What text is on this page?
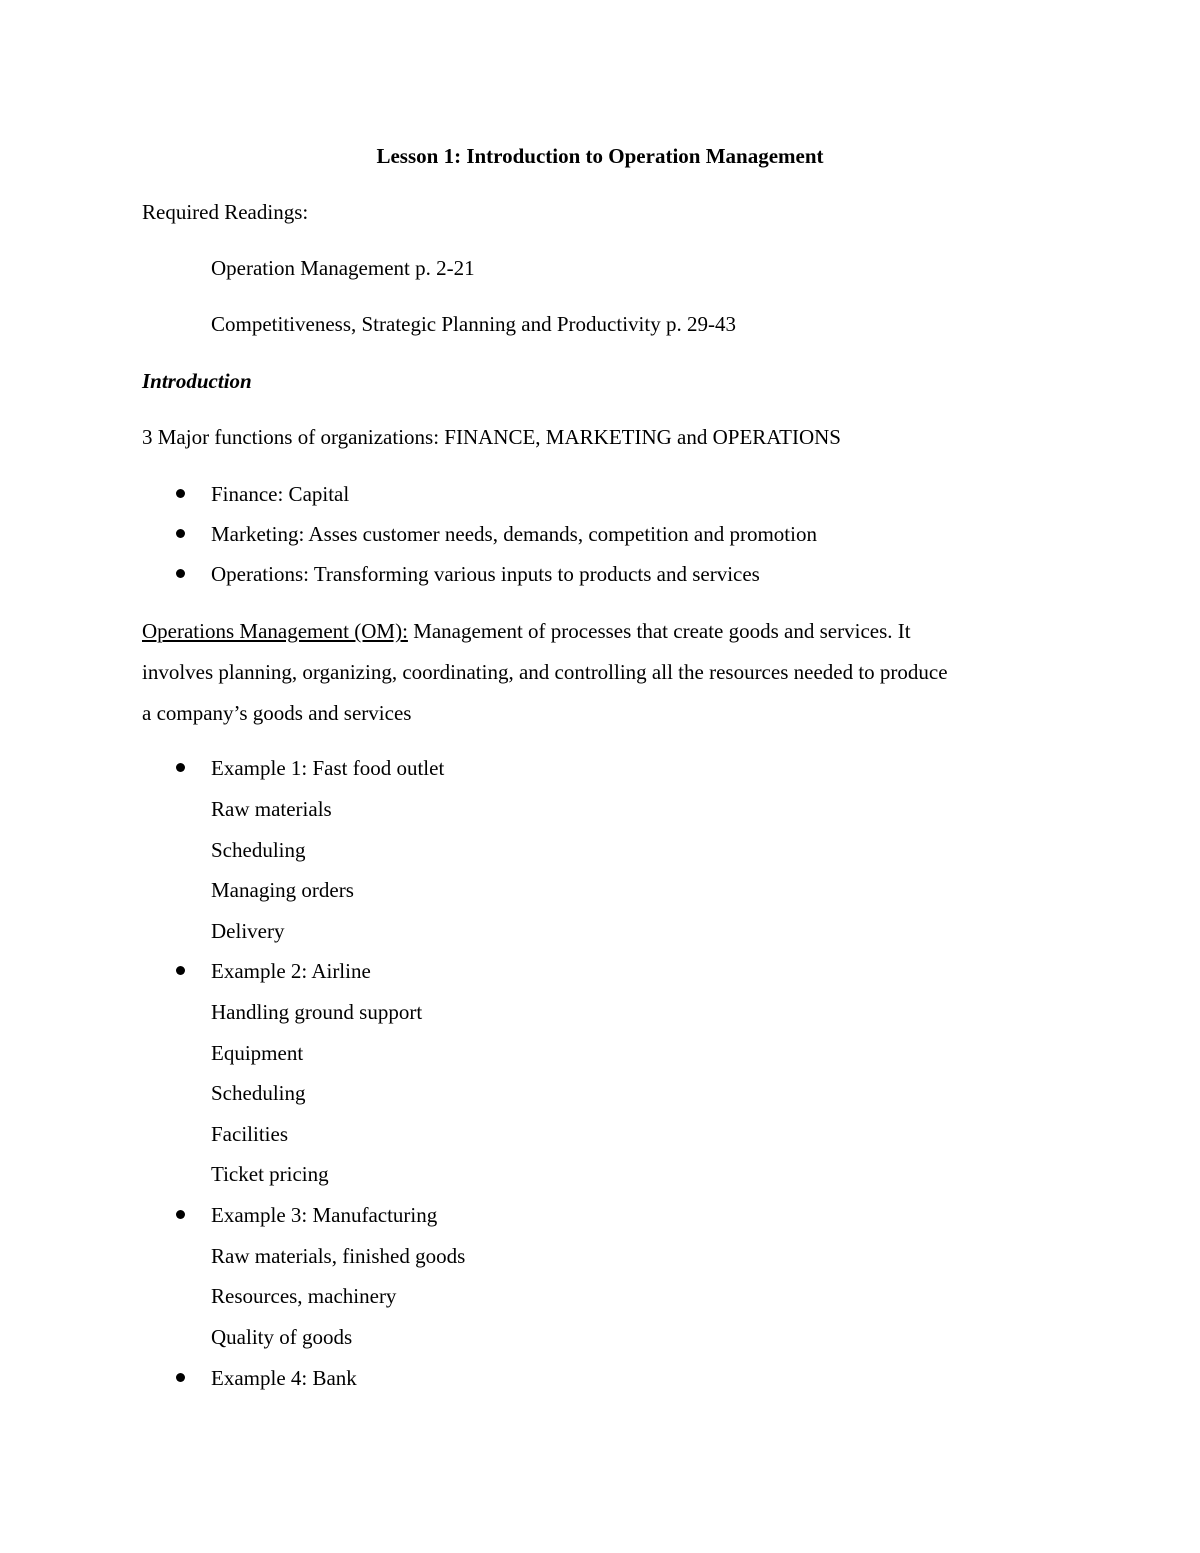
Lesson 1: Introduction to Operation Management
Required Readings:
Operation Management p. 2-21
Competitiveness, Strategic Planning and Productivity p. 29-43
Introduction
3 Major functions of organizations: FINANCE, MARKETING and OPERATIONS
Finance: Capital
Marketing: Asses customer needs, demands, competition and promotion
Operations: Transforming various inputs to products and services
Operations Management (OM): Management of processes that create goods and services. It
involves planning, organizing, coordinating, and controlling all the resources needed to produce
a company’s goods and services
Example 1: Fast food outlet
Raw materials
Scheduling
Managing orders
Delivery
Example 2: Airline
Handling ground support
Equipment
Scheduling
Facilities
Ticket pricing
Example 3: Manufacturing
Raw materials, finished goods
Resources, machinery
Quality of goods
Example 4: Bank
